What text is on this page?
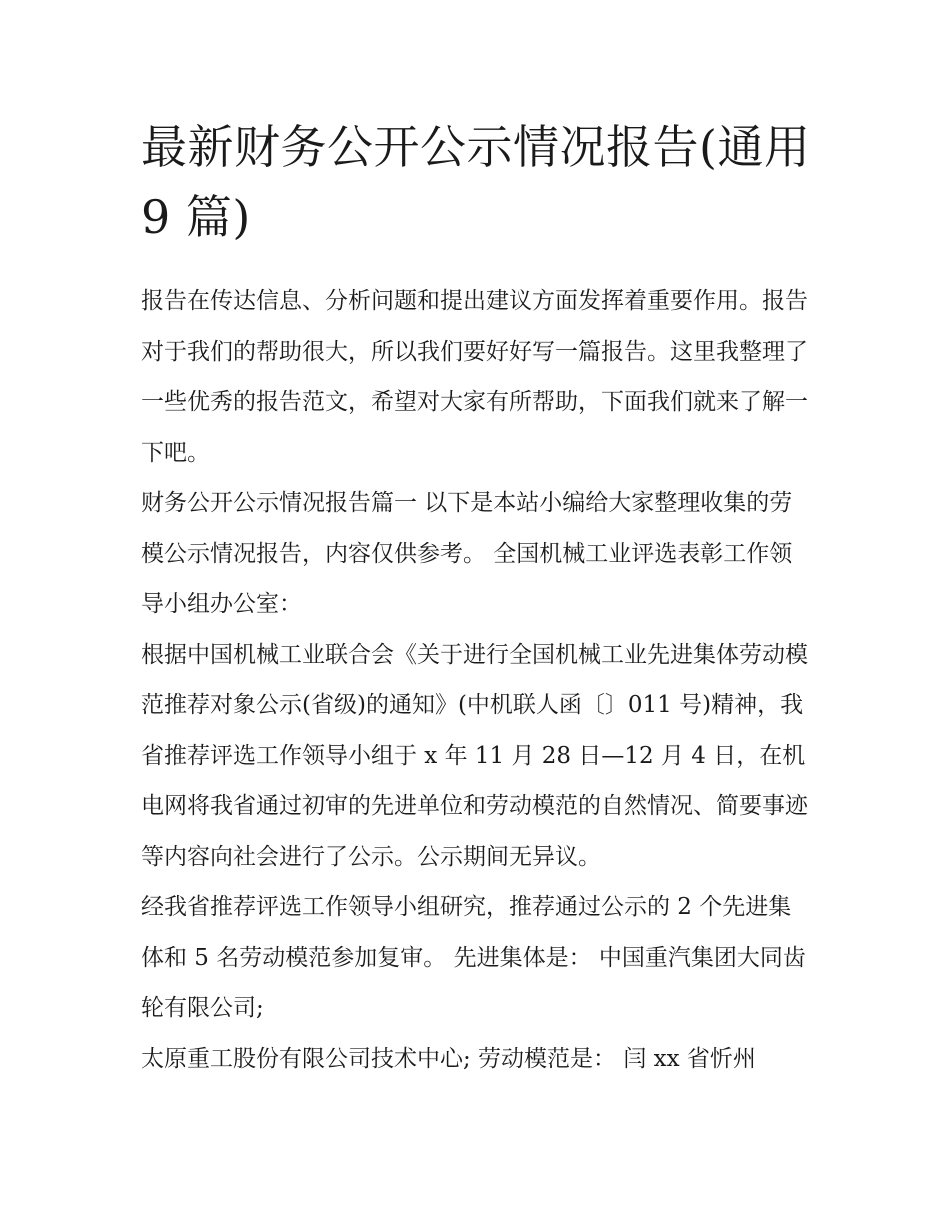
最新财务公开公示情况报告(通用 9 篇)

报告在传达信息、分析问题和提出建议方面发挥着重要作用。报告对于我们的帮助很大，所以我们要好好写一篇报告。这里我整理了一些优秀的报告范文，希望对大家有所帮助，下面我们就来了解一下吧。

财务公开公示情况报告篇一 以下是本站小编给大家整理收集的劳模公示情况报告，内容仅供参考。 全国机械工业评选表彰工作领导小组办公室：

根据中国机械工业联合会《关于进行全国机械工业先进集体劳动模范推荐对象公示(省级)的通知》(中机联人函〔〕011 号)精神，我省推荐评选工作领导小组于 x 年 11 月 28 日—12 月 4 日，在机电网将我省通过初审的先进单位和劳动模范的自然情况、简要事迹等内容向社会进行了公示。公示期间无异议。

经我省推荐评选工作领导小组研究，推荐通过公示的 2 个先进集体和 5 名劳动模范参加复审。 先进集体是： 中国重汽集团大同齿轮有限公司;

太原重工股份有限公司技术中心; 劳动模范是： 闫 xx 省忻州
